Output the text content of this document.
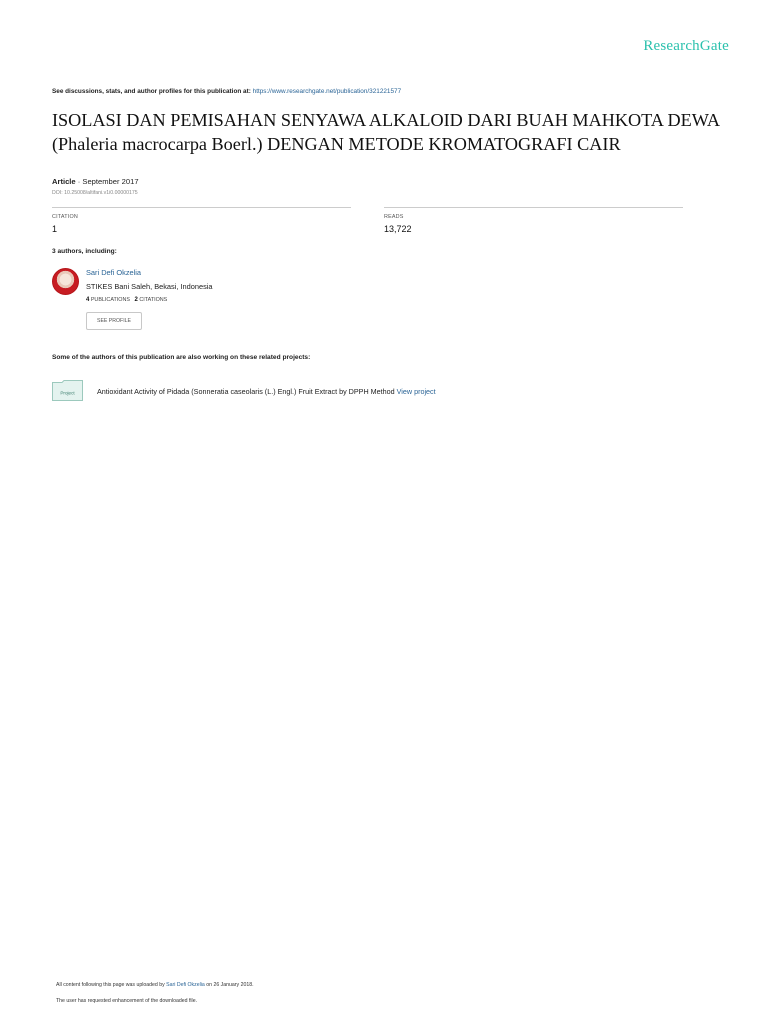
ResearchGate
See discussions, stats, and author profiles for this publication at: https://www.researchgate.net/publication/321221577
ISOLASI DAN PEMISAHAN SENYAWA ALKALOID DARI BUAH MAHKOTA DEWA (Phaleria macrocarpa Boerl.) DENGAN METODE KROMATOGRAFI CAIR
Article · September 2017
DOI: 10.25008/altifani.v1i0.00000175
CITATION
1
READS
13,722
3 authors, including:
Sari Defi Okzelia
STIKES Bani Saleh, Bekasi, Indonesia
4 PUBLICATIONS 2 CITATIONS
SEE PROFILE
Some of the authors of this publication are also working on these related projects:
Project	Antioxidant Activity of Pidada (Sonneratia caseolaris (L.) Engl.) Fruit Extract by DPPH Method View project
All content following this page was uploaded by Sari Defi Okzelia on 26 January 2018.
The user has requested enhancement of the downloaded file.
